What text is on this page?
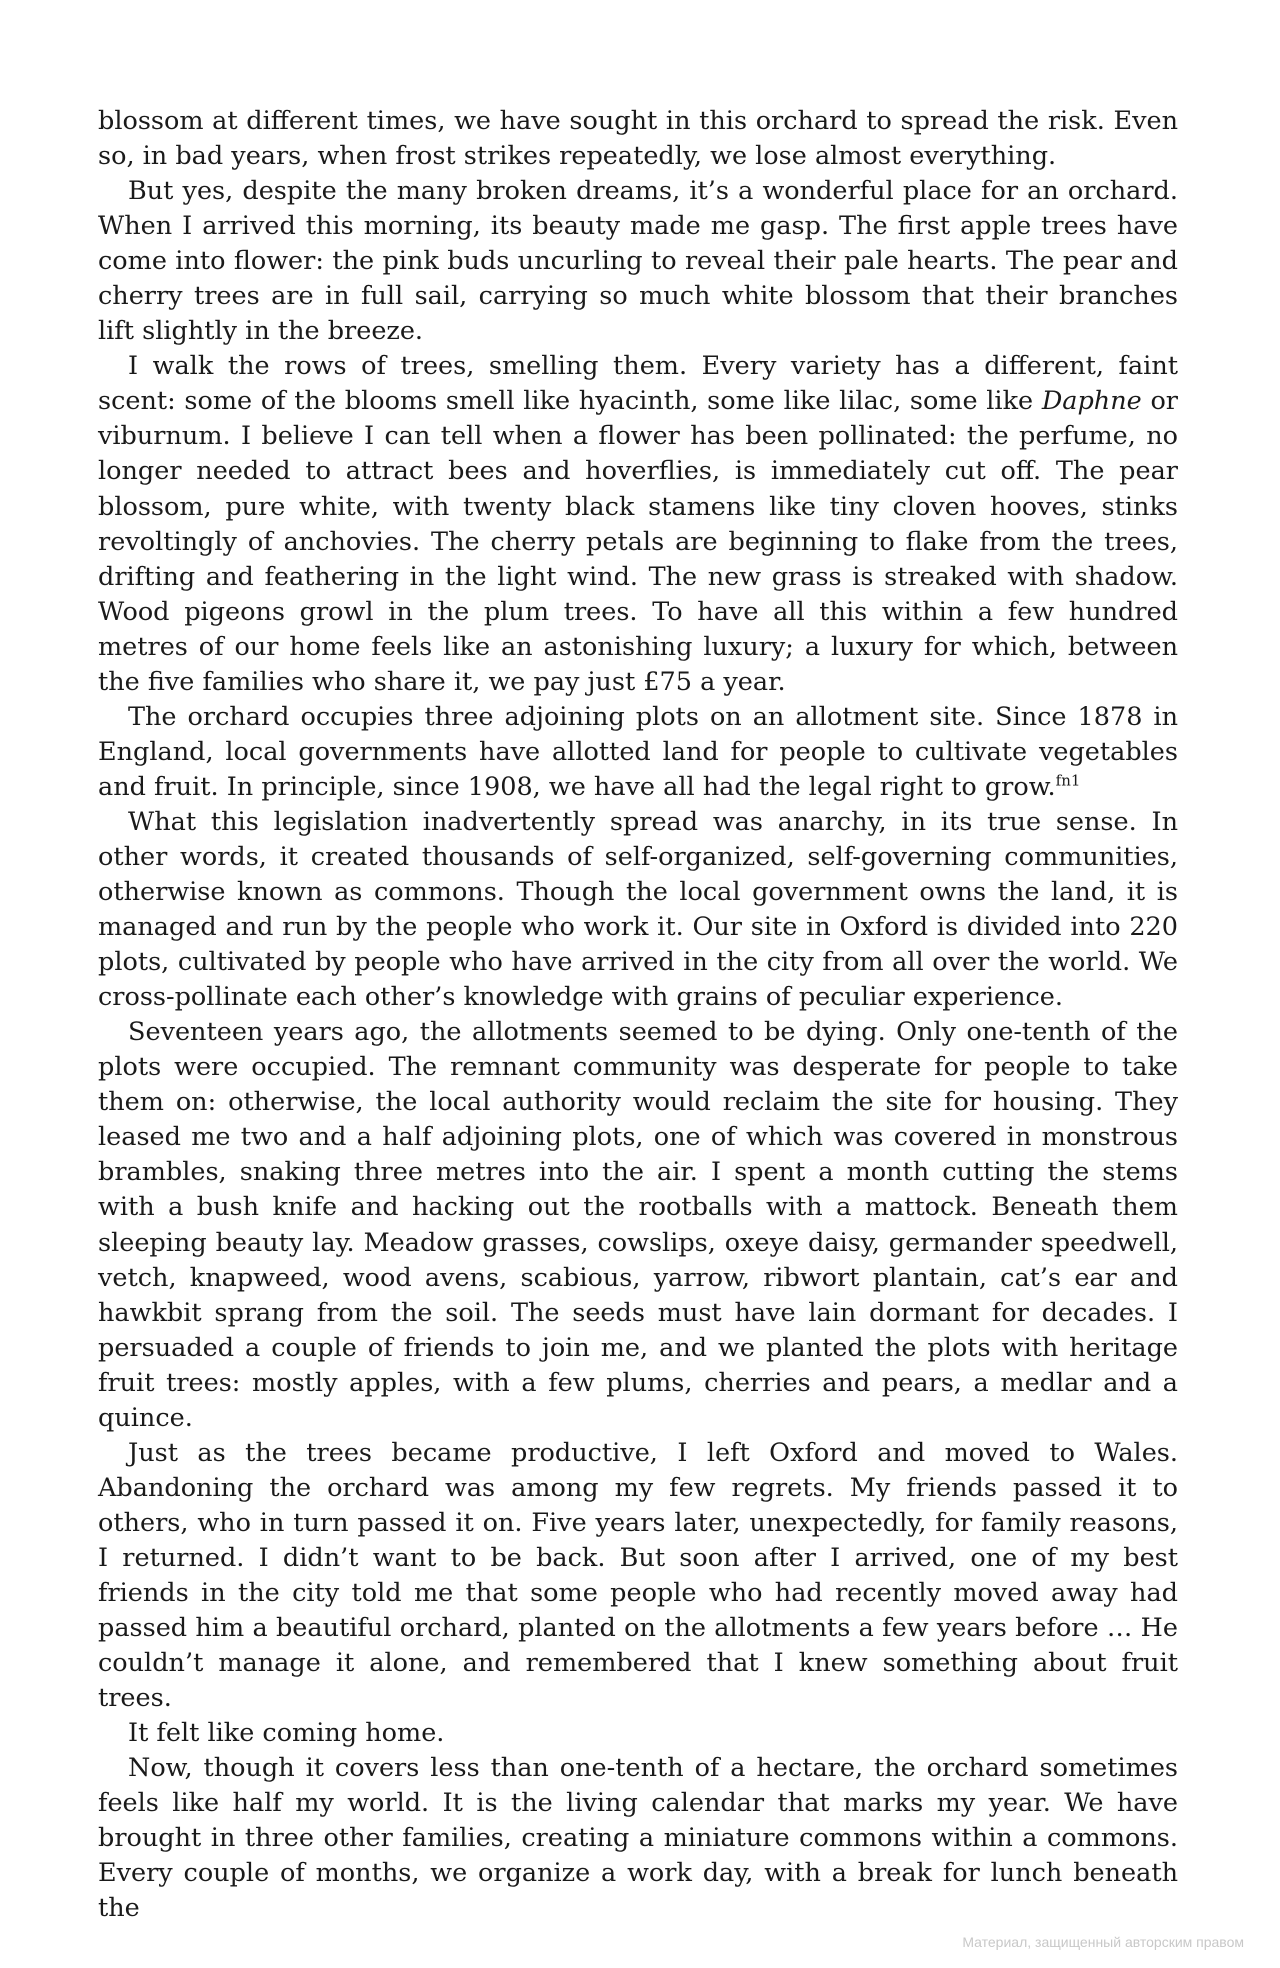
blossom at different times, we have sought in this orchard to spread the risk. Even so, in bad years, when frost strikes repeatedly, we lose almost everything.

But yes, despite the many broken dreams, it’s a wonderful place for an orchard. When I arrived this morning, its beauty made me gasp. The first apple trees have come into flower: the pink buds uncurling to reveal their pale hearts. The pear and cherry trees are in full sail, carrying so much white blossom that their branches lift slightly in the breeze.

I walk the rows of trees, smelling them. Every variety has a different, faint scent: some of the blooms smell like hyacinth, some like lilac, some like Daphne or viburnum. I believe I can tell when a flower has been pollinated: the perfume, no longer needed to attract bees and hoverflies, is immediately cut off. The pear blossom, pure white, with twenty black stamens like tiny cloven hooves, stinks revoltingly of anchovies. The cherry petals are beginning to flake from the trees, drifting and feathering in the light wind. The new grass is streaked with shadow. Wood pigeons growl in the plum trees. To have all this within a few hundred metres of our home feels like an astonishing luxury; a luxury for which, between the five families who share it, we pay just £75 a year.

The orchard occupies three adjoining plots on an allotment site. Since 1878 in England, local governments have allotted land for people to cultivate vegetables and fruit. In principle, since 1908, we have all had the legal right to grow.$^{fn1}$

What this legislation inadvertently spread was anarchy, in its true sense. In other words, it created thousands of self-organized, self-governing communities, otherwise known as commons. Though the local government owns the land, it is managed and run by the people who work it. Our site in Oxford is divided into 220 plots, cultivated by people who have arrived in the city from all over the world. We cross-pollinate each other’s knowledge with grains of peculiar experience.

Seventeen years ago, the allotments seemed to be dying. Only one-tenth of the plots were occupied. The remnant community was desperate for people to take them on: otherwise, the local authority would reclaim the site for housing. They leased me two and a half adjoining plots, one of which was covered in monstrous brambles, snaking three metres into the air. I spent a month cutting the stems with a bush knife and hacking out the rootballs with a mattock. Beneath them sleeping beauty lay. Meadow grasses, cowslips, oxeye daisy, germander speedwell, vetch, knapweed, wood avens, scabious, yarrow, ribwort plantain, cat’s ear and hawkbit sprang from the soil. The seeds must have lain dormant for decades. I persuaded a couple of friends to join me, and we planted the plots with heritage fruit trees: mostly apples, with a few plums, cherries and pears, a medlar and a quince.

Just as the trees became productive, I left Oxford and moved to Wales. Abandoning the orchard was among my few regrets. My friends passed it to others, who in turn passed it on. Five years later, unexpectedly, for family reasons, I returned. I didn’t want to be back. But soon after I arrived, one of my best friends in the city told me that some people who had recently moved away had passed him a beautiful orchard, planted on the allotments a few years before … He couldn’t manage it alone, and remembered that I knew something about fruit trees.

It felt like coming home.

Now, though it covers less than one-tenth of a hectare, the orchard sometimes feels like half my world. It is the living calendar that marks my year. We have brought in three other families, creating a miniature commons within a commons. Every couple of months, we organize a work day, with a break for lunch beneath the

Материал, защищенный авторским правом
